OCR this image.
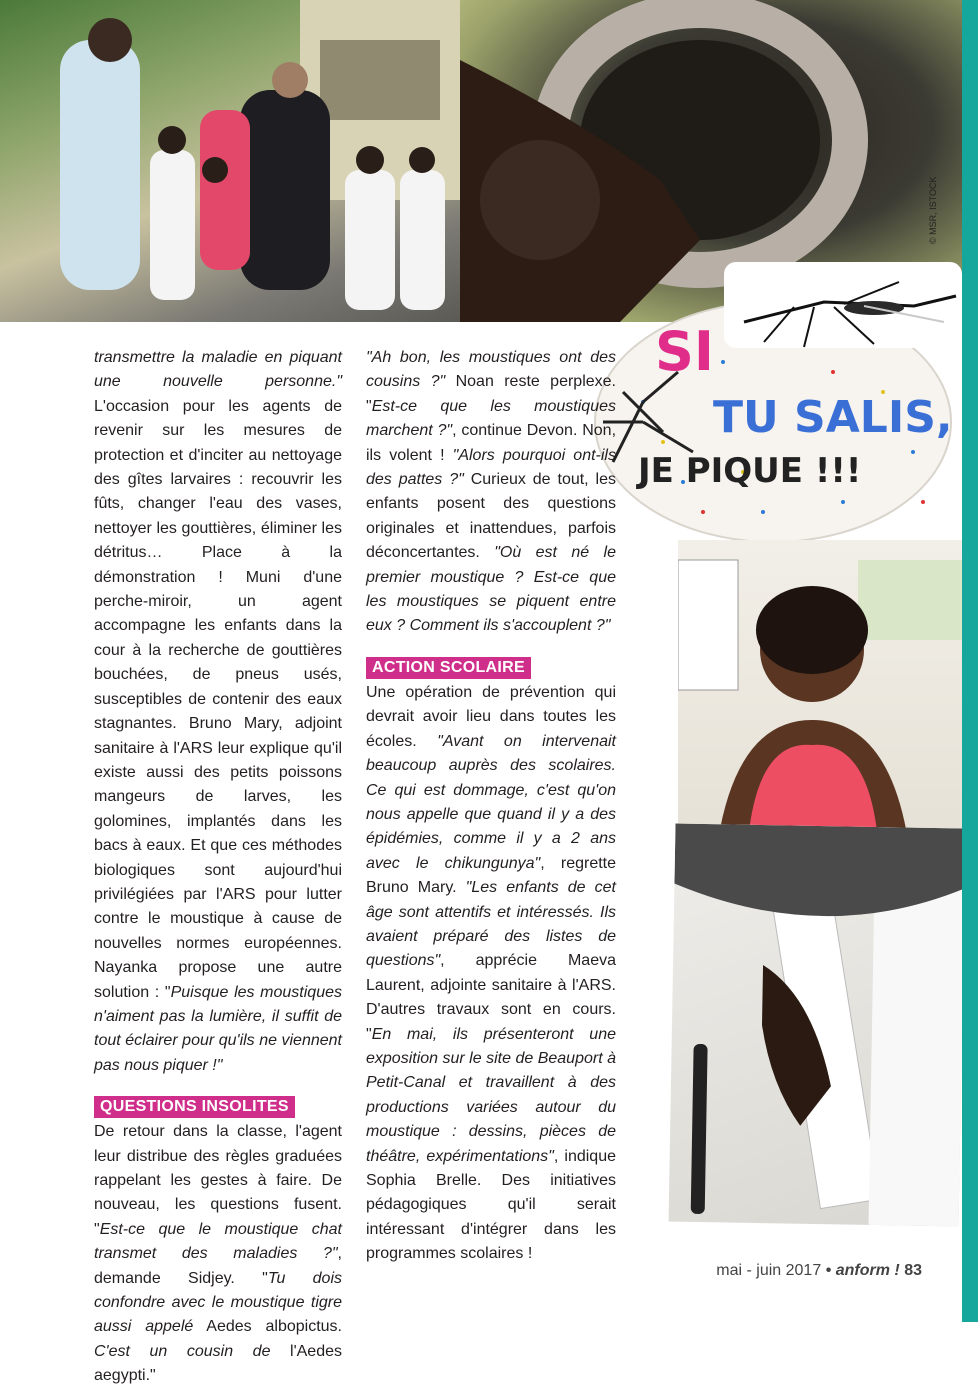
SI
TU SALIS,
JE PIQUE !!!
© MSR, ISTOCK

transmettre la maladie en piquant une nouvelle personne." L'occasion pour les agents de revenir sur les mesures de protection et d'inciter au nettoyage des gîtes larvaires : recouvrir les fûts, changer l'eau des vases, nettoyer les gouttières, éliminer les détritus… Place à la démonstration ! Muni d'une perche-miroir, un agent accompagne les enfants dans la cour à la recherche de gouttières bouchées, de pneus usés, susceptibles de contenir des eaux stagnantes. Bruno Mary, adjoint sanitaire à l'ARS leur explique qu'il existe aussi des petits poissons mangeurs de larves, les golomines, implantés dans les bacs à eaux. Et que ces méthodes biologiques sont aujourd'hui privilégiées par l'ARS pour lutter contre le moustique à cause de nouvelles normes européennes. Nayanka propose une autre solution : "Puisque les moustiques n'aiment pas la lumière, il suffit de tout éclairer pour qu'ils ne viennent pas nous piquer !"

QUESTIONS INSOLITES

De retour dans la classe, l'agent leur distribue des règles graduées rappelant les gestes à faire. De nouveau, les questions fusent. "Est-ce que le moustique chat transmet des maladies ?", demande Sidjey. "Tu dois confondre avec le moustique tigre aussi appelé Aedes albopictus. C'est un cousin de l'Aedes aegypti."

"Ah bon, les moustiques ont des cousins ?" Noan reste perplexe. "Est-ce que les moustiques marchent ?", continue Devon. Non, ils volent ! "Alors pourquoi ont-ils des pattes ?" Curieux de tout, les enfants posent des questions originales et inattendues, parfois déconcertantes. "Où est né le premier moustique ? Est-ce que les moustiques se piquent entre eux ? Comment ils s'accouplent ?"

ACTION SCOLAIRE

Une opération de prévention qui devrait avoir lieu dans toutes les écoles. "Avant on intervenait beaucoup auprès des scolaires. Ce qui est dommage, c'est qu'on nous appelle que quand il y a des épidémies, comme il y a 2 ans avec le chikungunya", regrette Bruno Mary. "Les enfants de cet âge sont attentifs et intéressés. Ils avaient préparé des listes de questions", apprécie Maeva Laurent, adjointe sanitaire à l'ARS. D'autres travaux sont en cours. "En mai, ils présenteront une exposition sur le site de Beauport à Petit-Canal et travaillent à des productions variées autour du moustique : dessins, pièces de théâtre, expérimentations", indique Sophia Brelle. Des initiatives pédagogiques qu'il serait intéressant d'intégrer dans les programmes scolaires !

mai - juin 2017 • anform ! 83
